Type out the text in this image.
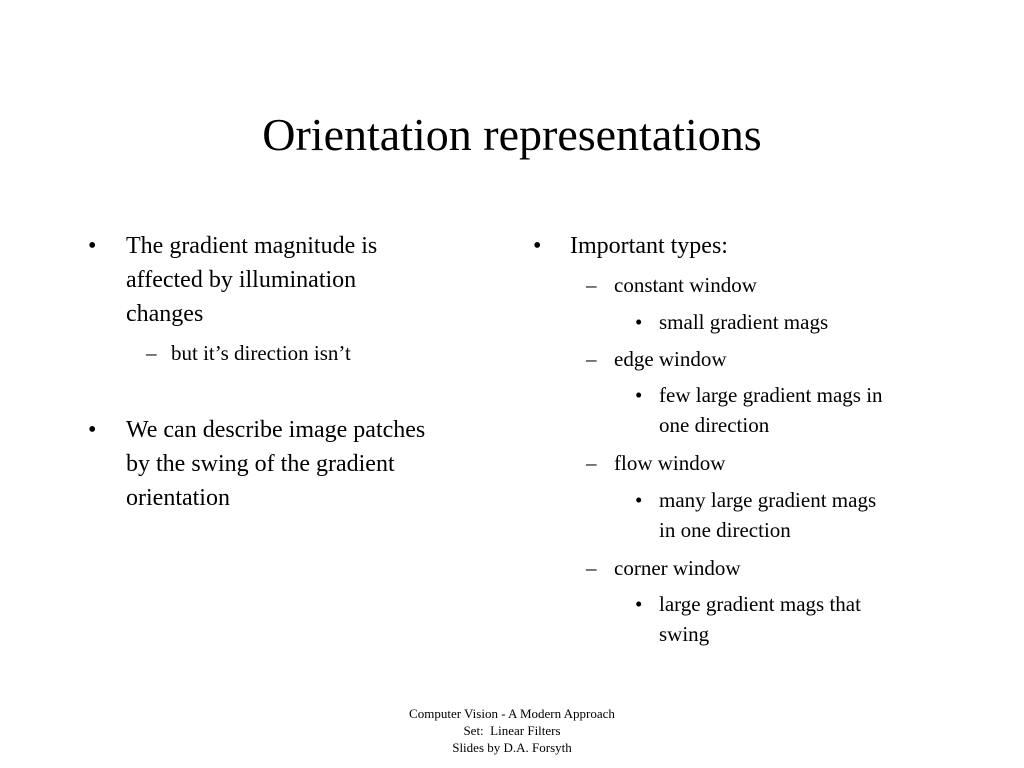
Orientation representations
• The gradient magnitude is
affected by illumination
changes
– but it’s direction isn’t
• We can describe image patches
by the swing of the gradient
orientation
• Important types:
– constant window
• small gradient mags
– edge window
• few large gradient mags in
one direction
– flow window
• many large gradient mags
in one direction
– corner window
• large gradient mags that
swing
Computer Vision - A Modern Approach
Set:  Linear Filters
Slides by D.A. Forsyth
